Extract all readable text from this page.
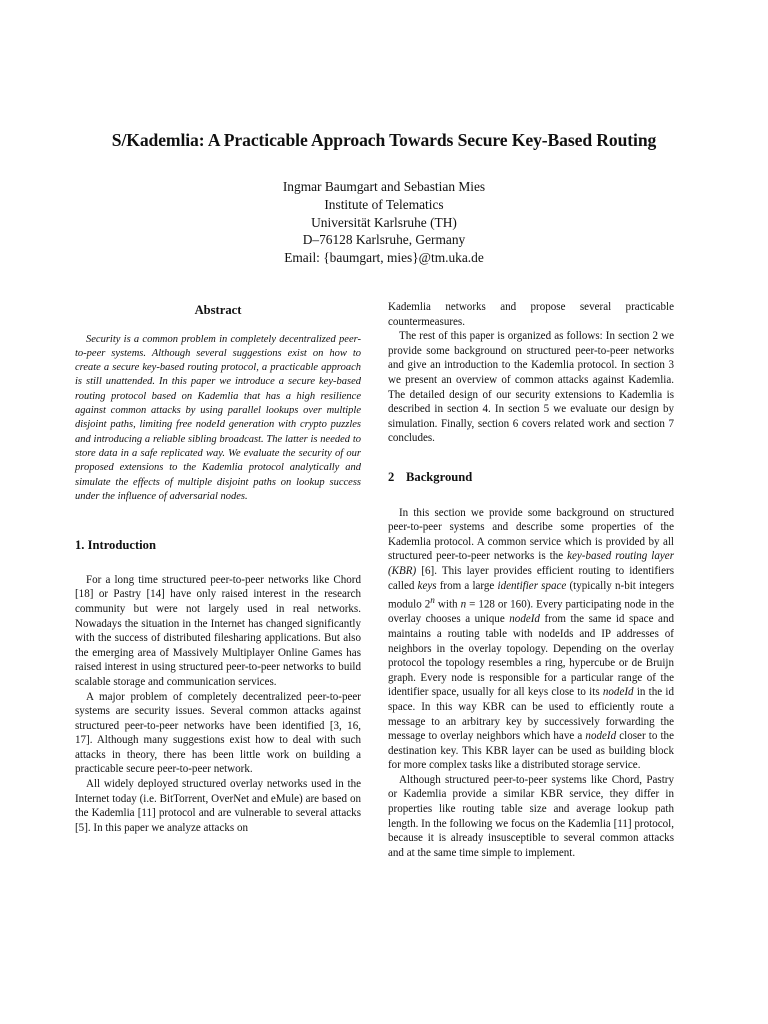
S/Kademlia: A Practicable Approach Towards Secure Key-Based Routing
Ingmar Baumgart and Sebastian Mies
Institute of Telematics
Universität Karlsruhe (TH)
D–76128 Karlsruhe, Germany
Email: {baumgart, mies}@tm.uka.de
Abstract

Security is a common problem in completely decentralized peer-to-peer systems. Although several suggestions exist on how to create a secure key-based routing protocol, a practicable approach is still unattended. In this paper we introduce a secure key-based routing protocol based on Kademlia that has a high resilience against common attacks by using parallel lookups over multiple disjoint paths, limiting free nodeId generation with crypto puzzles and introducing a reliable sibling broadcast. The latter is needed to store data in a safe replicated way. We evaluate the security of our proposed extensions to the Kademlia protocol analytically and simulate the effects of multiple disjoint paths on lookup success under the influence of adversarial nodes.

1. Introduction

For a long time structured peer-to-peer networks like Chord [18] or Pastry [14] have only raised interest in the research community but were not largely used in real networks. Nowadays the situation in the Internet has changed significantly with the success of distributed filesharing applications. But also the emerging area of Massively Multiplayer Online Games has raised interest in using structured peer-to-peer networks to build scalable storage and communication services.

A major problem of completely decentralized peer-to-peer systems are security issues. Several common attacks against structured peer-to-peer networks have been identified [3, 16, 17]. Although many suggestions exist how to deal with such attacks in theory, there has been little work on building a practicable secure peer-to-peer network.

All widely deployed structured overlay networks used in the Internet today (i.e. BitTorrent, OverNet and eMule) are based on the Kademlia [11] protocol and are vulnerable to several attacks [5]. In this paper we analyze attacks on

Kademlia networks and propose several practicable countermeasures.

The rest of this paper is organized as follows: In section 2 we provide some background on structured peer-to-peer networks and give an introduction to the Kademlia protocol. In section 3 we present an overview of common attacks against Kademlia. The detailed design of our security extensions to Kademlia is described in section 4. In section 5 we evaluate our design by simulation. Finally, section 6 covers related work and section 7 concludes.

2 Background

In this section we provide some background on structured peer-to-peer systems and describe some properties of the Kademlia protocol. A common service which is provided by all structured peer-to-peer networks is the key-based routing layer (KBR) [6]. This layer provides efficient routing to identifiers called keys from a large identifier space (typically n-bit integers modulo 2$^n$ with n = 128 or 160). Every participating node in the overlay chooses a unique nodeId from the same id space and maintains a routing table with nodeIds and IP addresses of neighbors in the overlay topology. Depending on the overlay protocol the topology resembles a ring, hypercube or de Bruijn graph. Every node is responsible for a particular range of the identifier space, usually for all keys close to its nodeId in the id space. In this way KBR can be used to efficiently route a message to an arbitrary key by successively forwarding the message to overlay neighbors which have a nodeId closer to the destination key. This KBR layer can be used as building block for more complex tasks like a distributed storage service.

Although structured peer-to-peer systems like Chord, Pastry or Kademlia provide a similar KBR service, they differ in properties like routing table size and average lookup path length. In the following we focus on the Kademlia [11] protocol, because it is already insusceptible to several common attacks and at the same time simple to implement.
